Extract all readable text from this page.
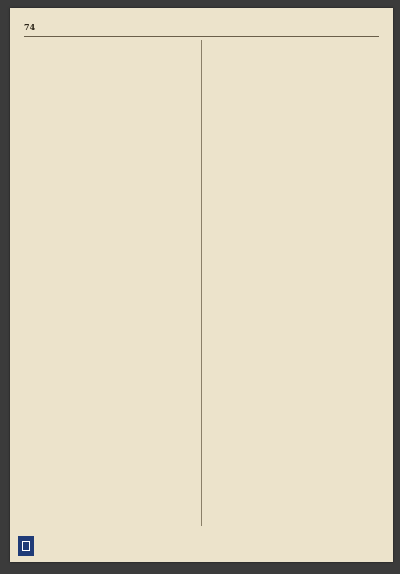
74
